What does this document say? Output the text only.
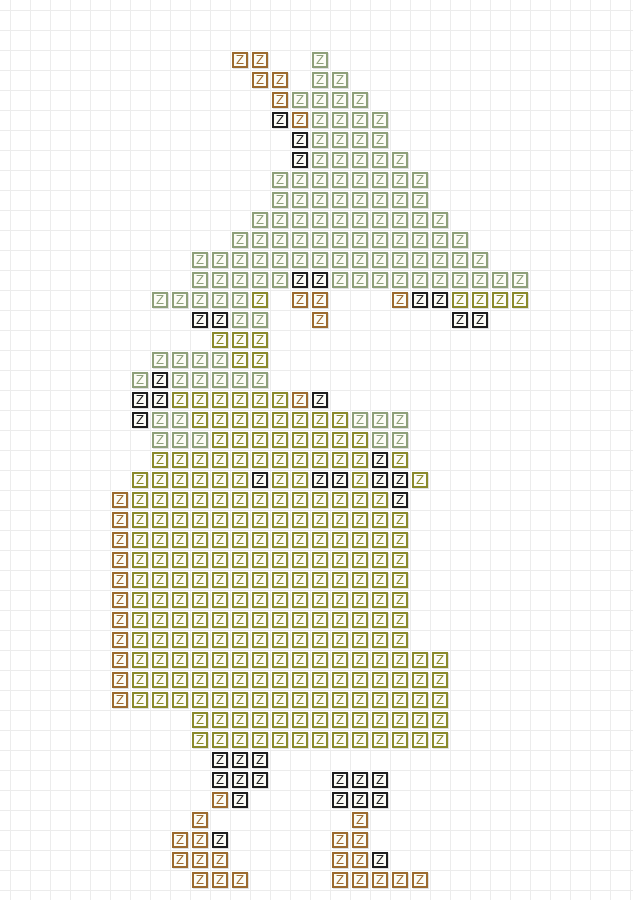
Z Z	Z
Z Z	Z Z
Z Z Z Z Z
Z Z Z Z Z Z
Z Z Z Z Z
Z Z Z Z Z Z
Z Z Z Z Z Z Z Z
Z Z Z Z Z Z Z Z
Z Z Z Z Z Z Z Z Z Z
Z Z Z Z Z Z Z Z Z Z Z Z
Z Z Z Z Z Z Z Z Z Z Z Z Z Z Z
Z Z Z Z Z Z Z Z Z Z Z Z Z Z Z Z Z
Z Z Z Z Z Z	Z Z	Z Z Z Z Z Z Z
Z Z Z Z	Z	Z Z
Z Z Z
Z Z Z Z Z Z
Z Z Z Z Z Z Z
Z Z Z Z Z Z Z Z Z Z
Z Z Z Z Z Z Z Z Z Z Z Z Z Z
Z Z Z Z Z Z Z Z Z Z Z Z Z
Z Z Z Z Z Z Z Z Z Z Z Z Z
Z Z Z Z Z Z Z Z Z Z Z Z Z Z Z
Z Z Z Z Z Z Z Z Z Z Z Z Z Z Z
Z Z Z Z Z Z Z Z Z Z Z Z Z Z Z
Z Z Z Z Z Z Z Z Z Z Z Z Z Z Z
Z Z Z Z Z Z Z Z Z Z Z Z Z Z Z
Z Z Z Z Z Z Z Z Z Z Z Z Z Z Z
Z Z Z Z Z Z Z Z Z Z Z Z Z Z Z
Z Z Z Z Z Z Z Z Z Z Z Z Z Z Z
Z Z Z Z Z Z Z Z Z Z Z Z Z Z Z
Z Z Z Z Z Z Z Z Z Z Z Z Z Z Z Z Z
Z Z Z Z Z Z Z Z Z Z Z Z Z Z Z Z Z
Z Z Z Z Z Z Z Z Z Z Z Z Z Z Z Z Z
Z Z Z Z Z Z Z Z Z Z Z Z Z
Z Z Z Z Z Z Z Z Z Z Z Z Z
Z Z Z
Z Z Z	Z Z Z
Z Z	Z Z Z
Z	Z
Z Z Z	Z Z
Z Z Z	Z Z Z
Z Z Z	Z Z Z Z Z
